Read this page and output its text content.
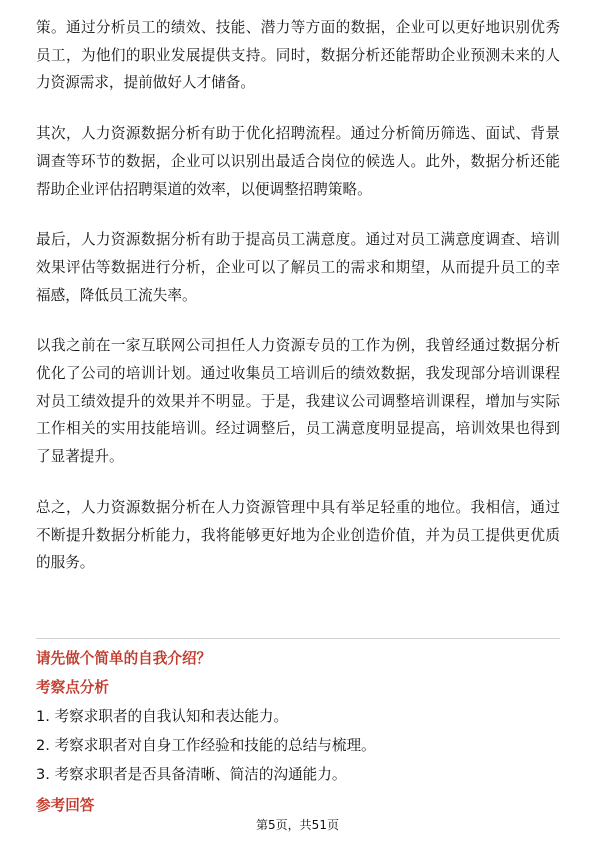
策。通过分析员工的绩效、技能、潜力等方面的数据，企业可以更好地识别优秀员工，为他们的职业发展提供支持。同时，数据分析还能帮助企业预测未来的人力资源需求，提前做好人才储备。

其次，人力资源数据分析有助于优化招聘流程。通过分析简历筛选、面试、背景调查等环节的数据，企业可以识别出最适合岗位的候选人。此外，数据分析还能帮助企业评估招聘渠道的效率，以便调整招聘策略。

最后，人力资源数据分析有助于提高员工满意度。通过对员工满意度调查、培训效果评估等数据进行分析，企业可以了解员工的需求和期望，从而提升员工的幸福感，降低员工流失率。

以我之前在一家互联网公司担任人力资源专员的工作为例，我曾经通过数据分析优化了公司的培训计划。通过收集员工培训后的绩效数据，我发现部分培训课程对员工绩效提升的效果并不明显。于是，我建议公司调整培训课程，增加与实际工作相关的实用技能培训。经过调整后，员工满意度明显提高，培训效果也得到了显著提升。

总之，人力资源数据分析在人力资源管理中具有举足轻重的地位。我相信，通过不断提升数据分析能力，我将能够更好地为企业创造价值，并为员工提供更优质的服务。

请先做个简单的自我介绍？
考察点分析
1. 考察求职者的自我认知和表达能力。
2. 考察求职者对自身工作经验和技能的总结与梳理。
3. 考察求职者是否具备清晰、简洁的沟通能力。
参考回答
第5页，共51页
